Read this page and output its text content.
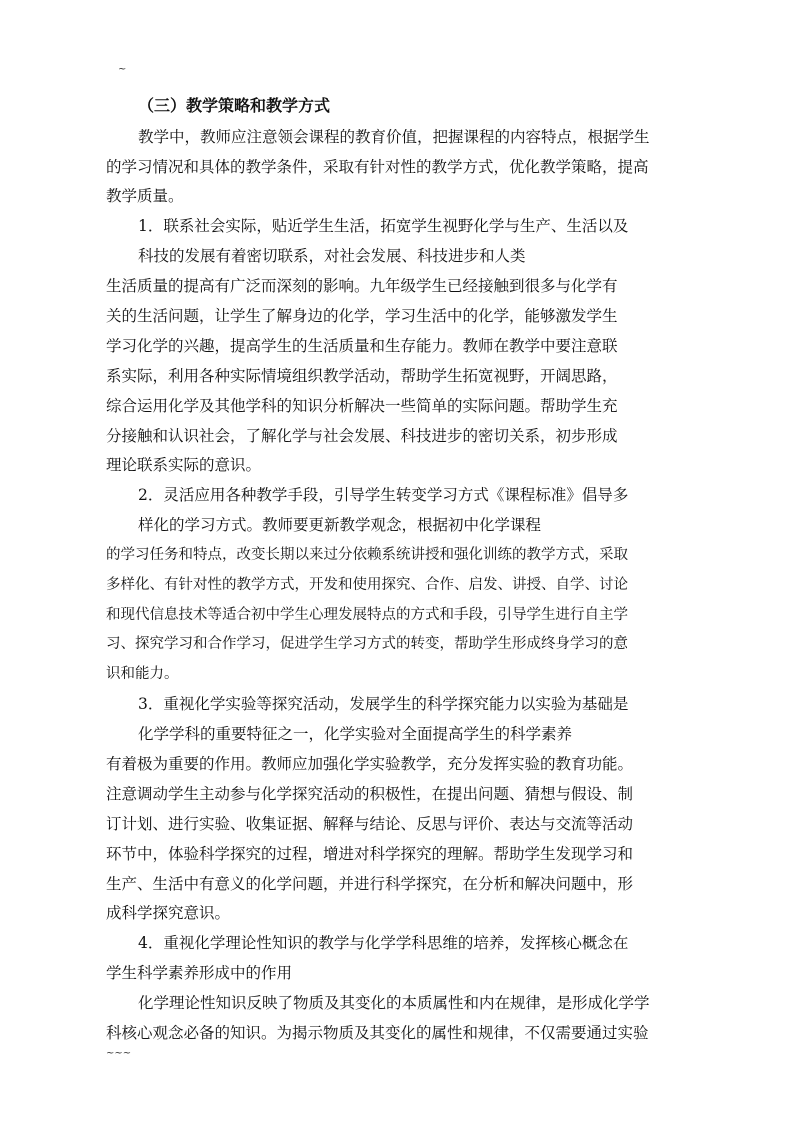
~
（三）教学策略和教学方式
教学中，教师应注意领会课程的教育价值，把握课程的内容特点，根据学生
的学习情况和具体的教学条件，采取有针对性的教学方式，优化教学策略，提高
教学质量。
1．联系社会实际，贴近学生生活，拓宽学生视野化学与生产、生活以及
科技的发展有着密切联系，对社会发展、科技进步和人类
生活质量的提高有广泛而深刻的影响。九年级学生已经接触到很多与化学有
关的生活问题，让学生了解身边的化学，学习生活中的化学，能够激发学生
学习化学的兴趣，提高学生的生活质量和生存能力。教师在教学中要注意联
系实际，利用各种实际情境组织教学活动，帮助学生拓宽视野，开阔思路，
综合运用化学及其他学科的知识分析解决一些简单的实际问题。帮助学生充
分接触和认识社会，了解化学与社会发展、科技进步的密切关系，初步形成
理论联系实际的意识。
2．灵活应用各种教学手段，引导学生转变学习方式《课程标准》倡导多
样化的学习方式。教师要更新教学观念，根据初中化学课程
的学习任务和特点，改变长期以来过分依赖系统讲授和强化训练的教学方式，采取
多样化、有针对性的教学方式，开发和使用探究、合作、启发、讲授、自学、讨论
和现代信息技术等适合初中学生心理发展特点的方式和手段，引导学生进行自主学
习、探究学习和合作学习，促进学生学习方式的转变，帮助学生形成终身学习的意
识和能力。
3．重视化学实验等探究活动，发展学生的科学探究能力以实验为基础是
化学学科的重要特征之一，化学实验对全面提高学生的科学素养
有着极为重要的作用。教师应加强化学实验教学，充分发挥实验的教育功能。
注意调动学生主动参与化学探究活动的积极性，在提出问题、猜想与假设、制
订计划、进行实验、收集证据、解释与结论、反思与评价、表达与交流等活动
环节中，体验科学探究的过程，增进对科学探究的理解。帮助学生发现学习和
生产、生活中有意义的化学问题，并进行科学探究，在分析和解决问题中，形
成科学探究意识。
4．重视化学理论性知识的教学与化学学科思维的培养，发挥核心概念在
学生科学素养形成中的作用
化学理论性知识反映了物质及其变化的本质属性和内在规律，是形成化学学
科核心观念必备的知识。为揭示物质及其变化的属性和规律，不仅需要通过实验
~~~
